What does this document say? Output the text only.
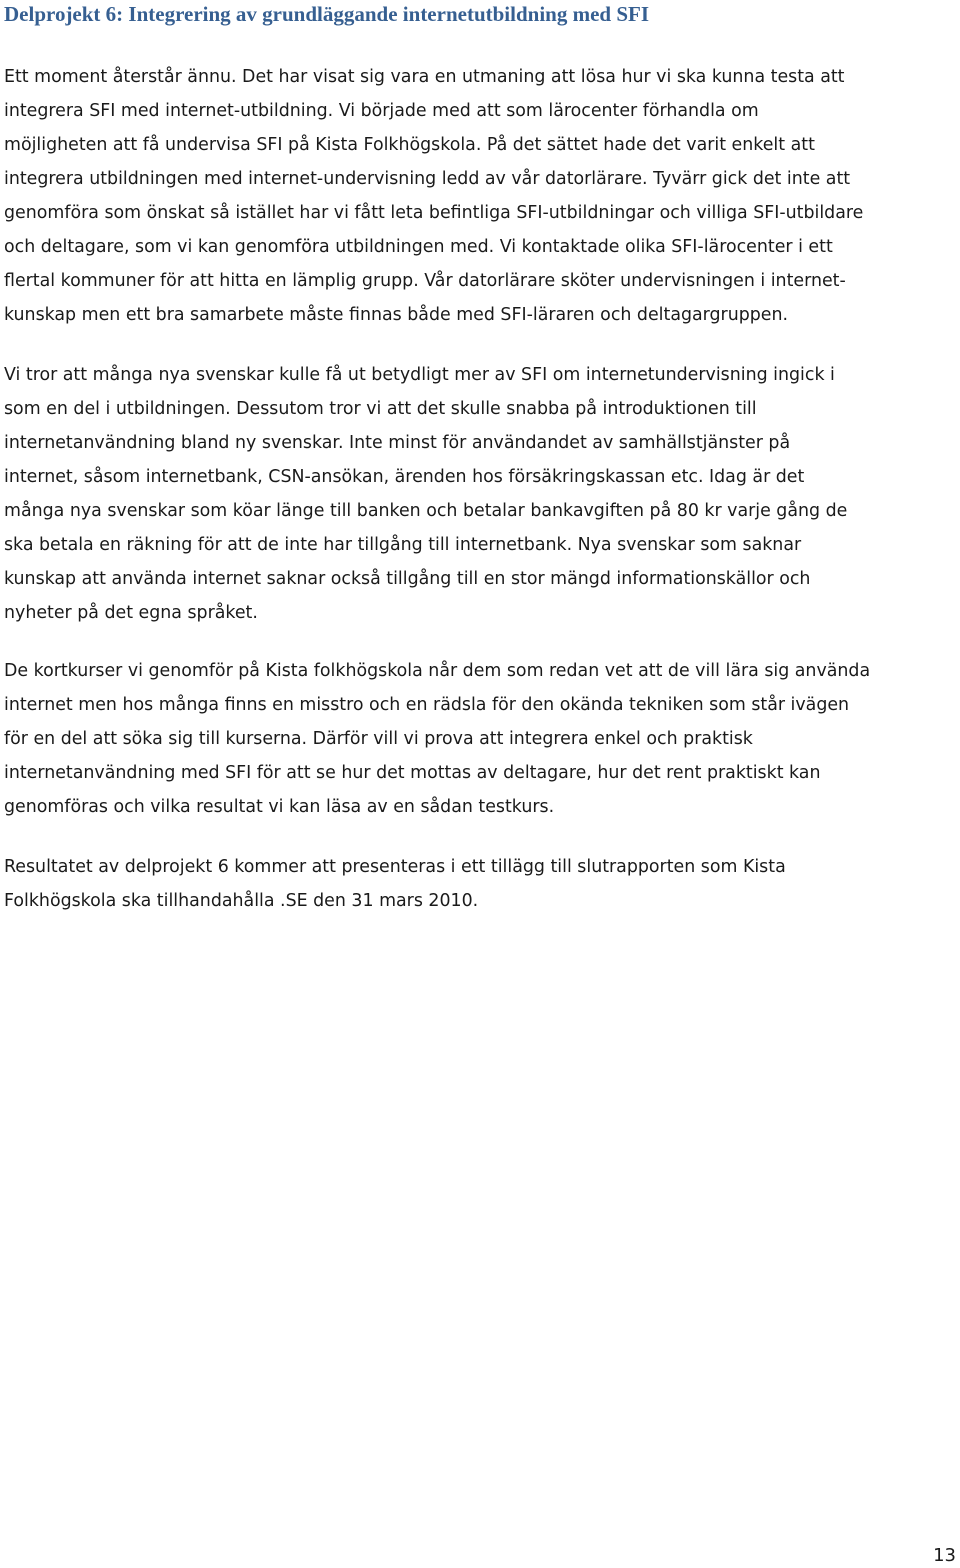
Delprojekt 6: Integrering av grundläggande internetutbildning med SFI
Ett moment återstår ännu. Det har visat sig vara en utmaning att lösa hur vi ska kunna testa att
integrera SFI med internet-utbildning. Vi började med att som lärocenter förhandla om
möjligheten att få undervisa SFI på Kista Folkhögskola. På det sättet hade det varit enkelt att
integrera utbildningen med internet-undervisning ledd av vår datorlärare. Tyvärr gick det inte att
genomföra som önskat så istället har vi fått leta befintliga SFI-utbildningar och villiga SFI-utbildare
och deltagare, som vi kan genomföra utbildningen med. Vi kontaktade olika SFI-lärocenter i ett
flertal kommuner för att hitta en lämplig grupp. Vår datorlärare sköter undervisningen i internet-
kunskap men ett bra samarbete måste finnas både med SFI-läraren och deltagargruppen.
Vi tror att många nya svenskar kulle få ut betydligt mer av SFI om internetundervisning ingick i
som en del i utbildningen. Dessutom tror vi att det skulle snabba på introduktionen till
internetanvändning bland ny svenskar. Inte minst för användandet av samhällstjänster på
internet, såsom internetbank, CSN-ansökan, ärenden hos försäkringskassan etc. Idag är det
många nya svenskar som köar länge till banken och betalar bankavgiften på 80 kr varje gång de
ska betala en räkning för att de inte har tillgång till internetbank. Nya svenskar som saknar
kunskap att använda internet saknar också tillgång till en stor mängd informationskällor och
nyheter på det egna språket.
De kortkurser vi genomför på Kista folkhögskola når dem som redan vet att de vill lära sig använda
internet men hos många finns en misstro och en rädsla för den okända tekniken som står ivägen
för en del att söka sig till kurserna. Därför vill vi prova att integrera enkel och praktisk
internetanvändning med SFI för att se hur det mottas av deltagare, hur det rent praktiskt kan
genomföras och vilka resultat vi kan läsa av en sådan testkurs.
Resultatet av delprojekt 6 kommer att presenteras i ett tillägg till slutrapporten som Kista
Folkhögskola ska tillhandahålla .SE den 31 mars 2010.
13
